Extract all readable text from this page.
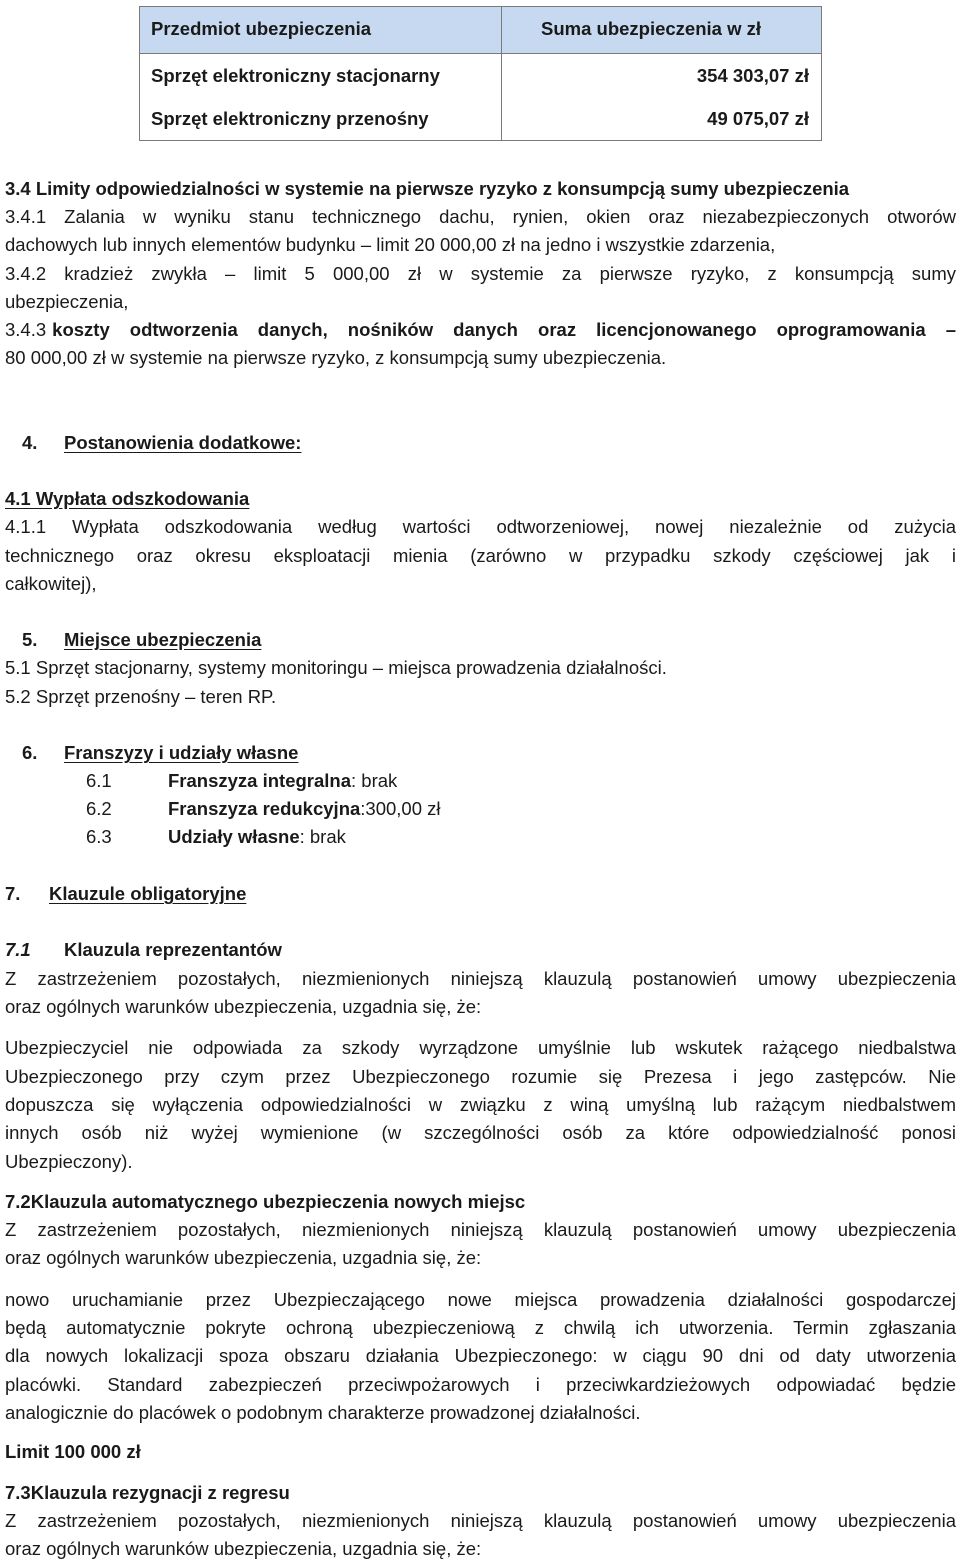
Przedmiot ubezpieczenia	Suma ubezpieczenia w zł
Sprzęt elektroniczny stacjonarny	354 303,07 zł
Sprzęt elektroniczny przenośny	49 075,07 zł
3.4 Limity odpowiedzialności w systemie na pierwsze ryzyko z konsumpcją sumy ubezpieczenia
3.4.1 Zalania w wyniku stanu technicznego dachu, rynien, okien oraz niezabezpieczonych otworów
dachowych lub innych elementów budynku – limit 20 000,00 zł na jedno i wszystkie zdarzenia,
3.4.2 kradzież zwykła – limit 5 000,00 zł w systemie za pierwsze ryzyko, z konsumpcją sumy
ubezpieczenia,
3.4.3 koszty odtworzenia danych, nośników danych oraz licencjonowanego oprogramowania –
80 000,00 zł w systemie na pierwsze ryzyko, z konsumpcją sumy ubezpieczenia.
4. Postanowienia dodatkowe:
4.1 Wypłata odszkodowania
4.1.1 Wypłata odszkodowania według wartości odtworzeniowej, nowej niezależnie od zużycia
technicznego oraz okresu eksploatacji mienia (zarówno w przypadku szkody częściowej jak i
całkowitej),
5. Miejsce ubezpieczenia
5.1 Sprzęt stacjonarny, systemy monitoringu – miejsca prowadzenia działalności.
5.2 Sprzęt przenośny – teren RP.
6. Franszyzy i udziały własne
6.1	Franszyza integralna: brak
6.2	Franszyza redukcyjna:300,00 zł
6.3	Udziały własne: brak
7. Klauzule obligatoryjne
7.1 Klauzula reprezentantów
Z zastrzeżeniem pozostałych, niezmienionych niniejszą klauzulą postanowień umowy ubezpieczenia
oraz ogólnych warunków ubezpieczenia, uzgadnia się, że:
Ubezpieczyciel nie odpowiada za szkody wyrządzone umyślnie lub wskutek rażącego niedbalstwa
Ubezpieczonego przy czym przez Ubezpieczonego rozumie się Prezesa i jego zastępców. Nie
dopuszcza się wyłączenia odpowiedzialności w związku z winą umyślną lub rażącym niedbalstwem
innych osób niż wyżej wymienione (w szczególności osób za które odpowiedzialność ponosi
Ubezpieczony).
7.2Klauzula automatycznego ubezpieczenia nowych miejsc
Z zastrzeżeniem pozostałych, niezmienionych niniejszą klauzulą postanowień umowy ubezpieczenia
oraz ogólnych warunków ubezpieczenia, uzgadnia się, że:
nowo uruchamianie przez Ubezpieczającego nowe miejsca prowadzenia działalności gospodarczej
będą automatycznie pokryte ochroną ubezpieczeniową z chwilą ich utworzenia. Termin zgłaszania
dla nowych lokalizacji spoza obszaru działania Ubezpieczonego: w ciągu 90 dni od daty utworzenia
placówki. Standard zabezpieczeń przeciwpożarowych i przeciwkardzieżowych odpowiadać będzie
analogicznie do placówek o podobnym charakterze prowadzonej działalności.
Limit 100 000 zł
7.3Klauzula rezygnacji z regresu
Z zastrzeżeniem pozostałych, niezmienionych niniejszą klauzulą postanowień umowy ubezpieczenia
oraz ogólnych warunków ubezpieczenia, uzgadnia się, że:
